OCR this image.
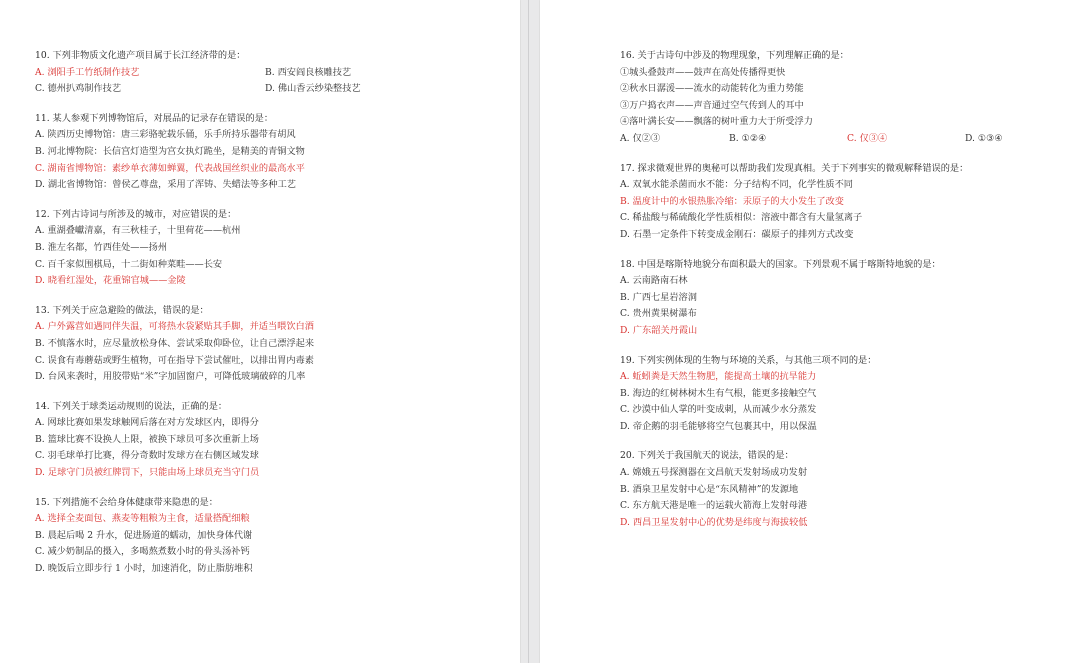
10. 下列非物质文化遗产项目属于长江经济带的是：
A. 浏阳手工竹纸制作技艺	B. 西安阎良核雕技艺
C. 德州扒鸡制作技艺	D. 佛山香云纱染整技艺
11. 某人参观下列博物馆后，对展品的记录存在错误的是：
A. 陕西历史博物馆：唐三彩骆驼载乐俑，乐手所持乐器带有胡风
B. 河北博物院：长信宫灯造型为宫女执灯跪坐，是精美的青铜文物
C. 湖南省博物馆：素纱单衣薄如蝉翼，代表战国丝织业的最高水平
D. 湖北省博物馆：曾侯乙尊盘，采用了浑铸、失蜡法等多种工艺
12. 下列古诗词与所涉及的城市，对应错误的是：
A. 重湖叠巘清嘉，有三秋桂子，十里荷花——杭州
B. 淮左名都，竹西佳处——扬州
C. 百千家似围棋局，十二街如种菜畦——长安
D. 晓看红湿处，花重锦官城——金陵
13. 下列关于应急避险的做法，错误的是：
A. 户外露营如遇同伴失温，可将热水袋紧贴其手脚，并适当喂饮白酒
B. 不慎落水时，应尽量放松身体、尝试采取仰卧位，让自己漂浮起来
C. 误食有毒蘑菇或野生植物，可在指导下尝试催吐，以排出胃内毒素
D. 台风来袭时，用胶带贴“米”字加固窗户，可降低玻璃破碎的几率
14. 下列关于球类运动规则的说法，正确的是：
A. 网球比赛如果发球触网后落在对方发球区内，即得分
B. 篮球比赛不设换人上限，被换下球员可多次重新上场
C. 羽毛球单打比赛，得分奇数时发球方在右侧区域发球
D. 足球守门员被红牌罚下，只能由场上球员充当守门员
15. 下列措施不会给身体健康带来隐患的是：
A. 选择全麦面包、燕麦等粗粮为主食，适量搭配细粮
B. 晨起后喝 2 升水，促进肠道的蠕动，加快身体代谢
C. 减少奶制品的摄入，多喝熬煮数小时的骨头汤补钙
D. 晚饭后立即步行 1 小时，加速消化，防止脂肪堆积
16. 关于古诗句中涉及的物理现象，下列理解正确的是：
①城头叠鼓声——鼓声在高处传播得更快
②秋水日潺湲——流水的动能转化为重力势能
③万户捣衣声——声音通过空气传到人的耳中
④落叶满长安——飘落的树叶重力大于所受浮力
A. 仅②③	B. ①②④	C. 仅③④	D. ①③④
17. 探求微观世界的奥秘可以帮助我们发现真相。关于下列事实的微观解释错误的是：
A. 双氧水能杀菌而水不能：分子结构不同，化学性质不同
B. 温度计中的水银热胀冷缩：汞原子的大小发生了改变
C. 稀盐酸与稀硫酸化学性质相似：溶液中都含有大量氢离子
D. 石墨一定条件下转变成金刚石：碳原子的排列方式改变
18. 中国是喀斯特地貌分布面积最大的国家。下列景观不属于喀斯特地貌的是：
A. 云南路南石林
B. 广西七星岩溶洞
C. 贵州黄果树瀑布
D. 广东韶关丹霞山
19. 下列实例体现的生物与环境的关系，与其他三项不同的是：
A. 蚯蚓粪是天然生物肥，能提高土壤的抗旱能力
B. 海边的红树林树木生有气根，能更多接触空气
C. 沙漠中仙人掌的叶变成刺，从而减少水分蒸发
D. 帝企鹅的羽毛能够将空气包裹其中，用以保温
20. 下列关于我国航天的说法，错误的是：
A. 嫦娥五号探测器在文昌航天发射场成功发射
B. 酒泉卫星发射中心是“东风精神”的发源地
C. 东方航天港是唯一的运载火箭海上发射母港
D. 西昌卫星发射中心的优势是纬度与海拔较低
